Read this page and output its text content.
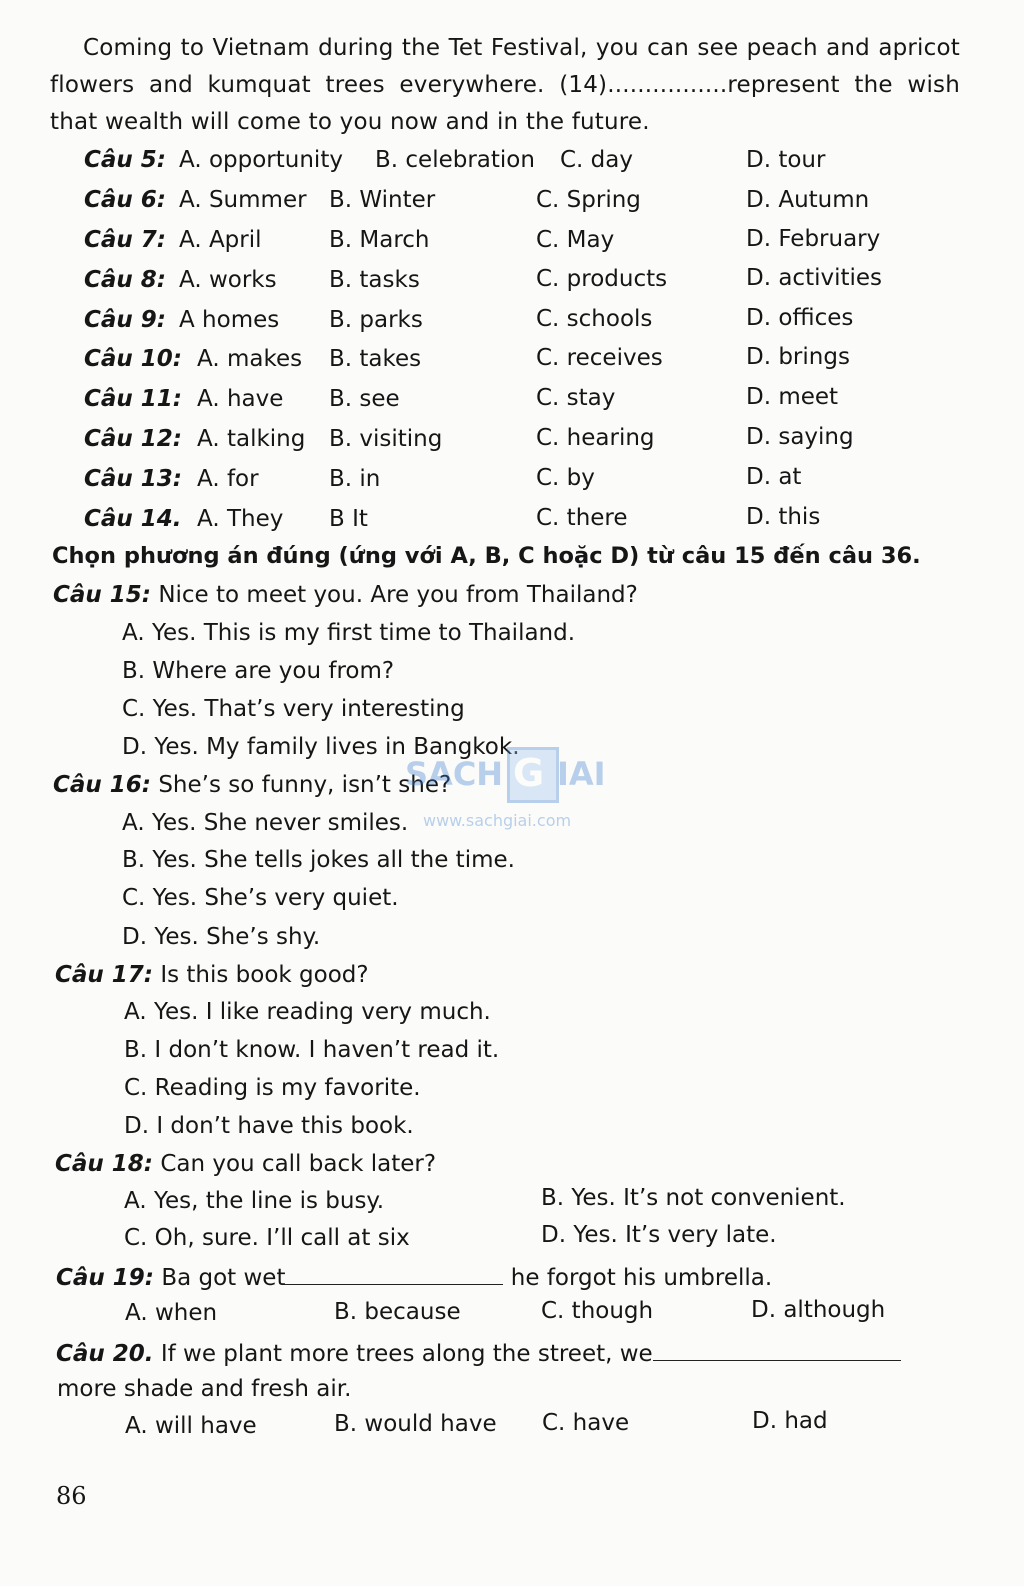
Coming to Vietnam during the Tet Festival, you can see peach and apricot flowers and kumquat trees everywhere. (14)................represent the wish that wealth will come to you now and in the future.
Câu 5: A. opportunity B. celebration C. day	D. tour
Câu 6: A. Summer B. Winter	C. Spring	D. Autumn
Câu 7: A. April	B. March	C. May	D. February
Câu 8: A. works B. tasks	C. products	D. activities
Câu 9: A homes B. parks	C. schools	D. offices
Câu 10: A. makes B. takes	C. receives	D. brings
Câu 11: A. have B. see	C. stay	D. meet
Câu 12: A. talking B. visiting	C. hearing	D. saying
Câu 13: A. for	B. in	C. by	D. at
Câu 14. A. They B It	C. there	D. this
Chọn phương án đúng (ứng với A, B, C hoặc D) từ câu 15 đến câu 36.
Câu 15: Nice to meet you. Are you from Thailand?
A. Yes. This is my first time to Thailand.
B. Where are you from?
C. Yes. That’s very interesting
D. Yes. My family lives in Bangkok.
Câu 16: She’s so funny, isn’t she?
A. Yes. She never smiles.
B. Yes. She tells jokes all the time.
C. Yes. She’s very quiet.
D. Yes. She’s shy.
Câu 17: Is this book good?
A. Yes. I like reading very much.
B. I don’t know. I haven’t read it.
C. Reading is my favorite.
D. I don’t have this book.
Câu 18: Can you call back later?
A. Yes, the line is busy.	B. Yes. It’s not convenient.
C. Oh, sure. I’ll call at six	D. Yes. It’s very late.
Câu 19: Ba got wet	he forgot his umbrella.
A. when	B. because	C. though	D. although
Câu 20. If we plant more trees along the street, we
more shade and fresh air.
A. will have	B. would have C. have	D. had
SACH G IAI
www.sachgiai.com
86
